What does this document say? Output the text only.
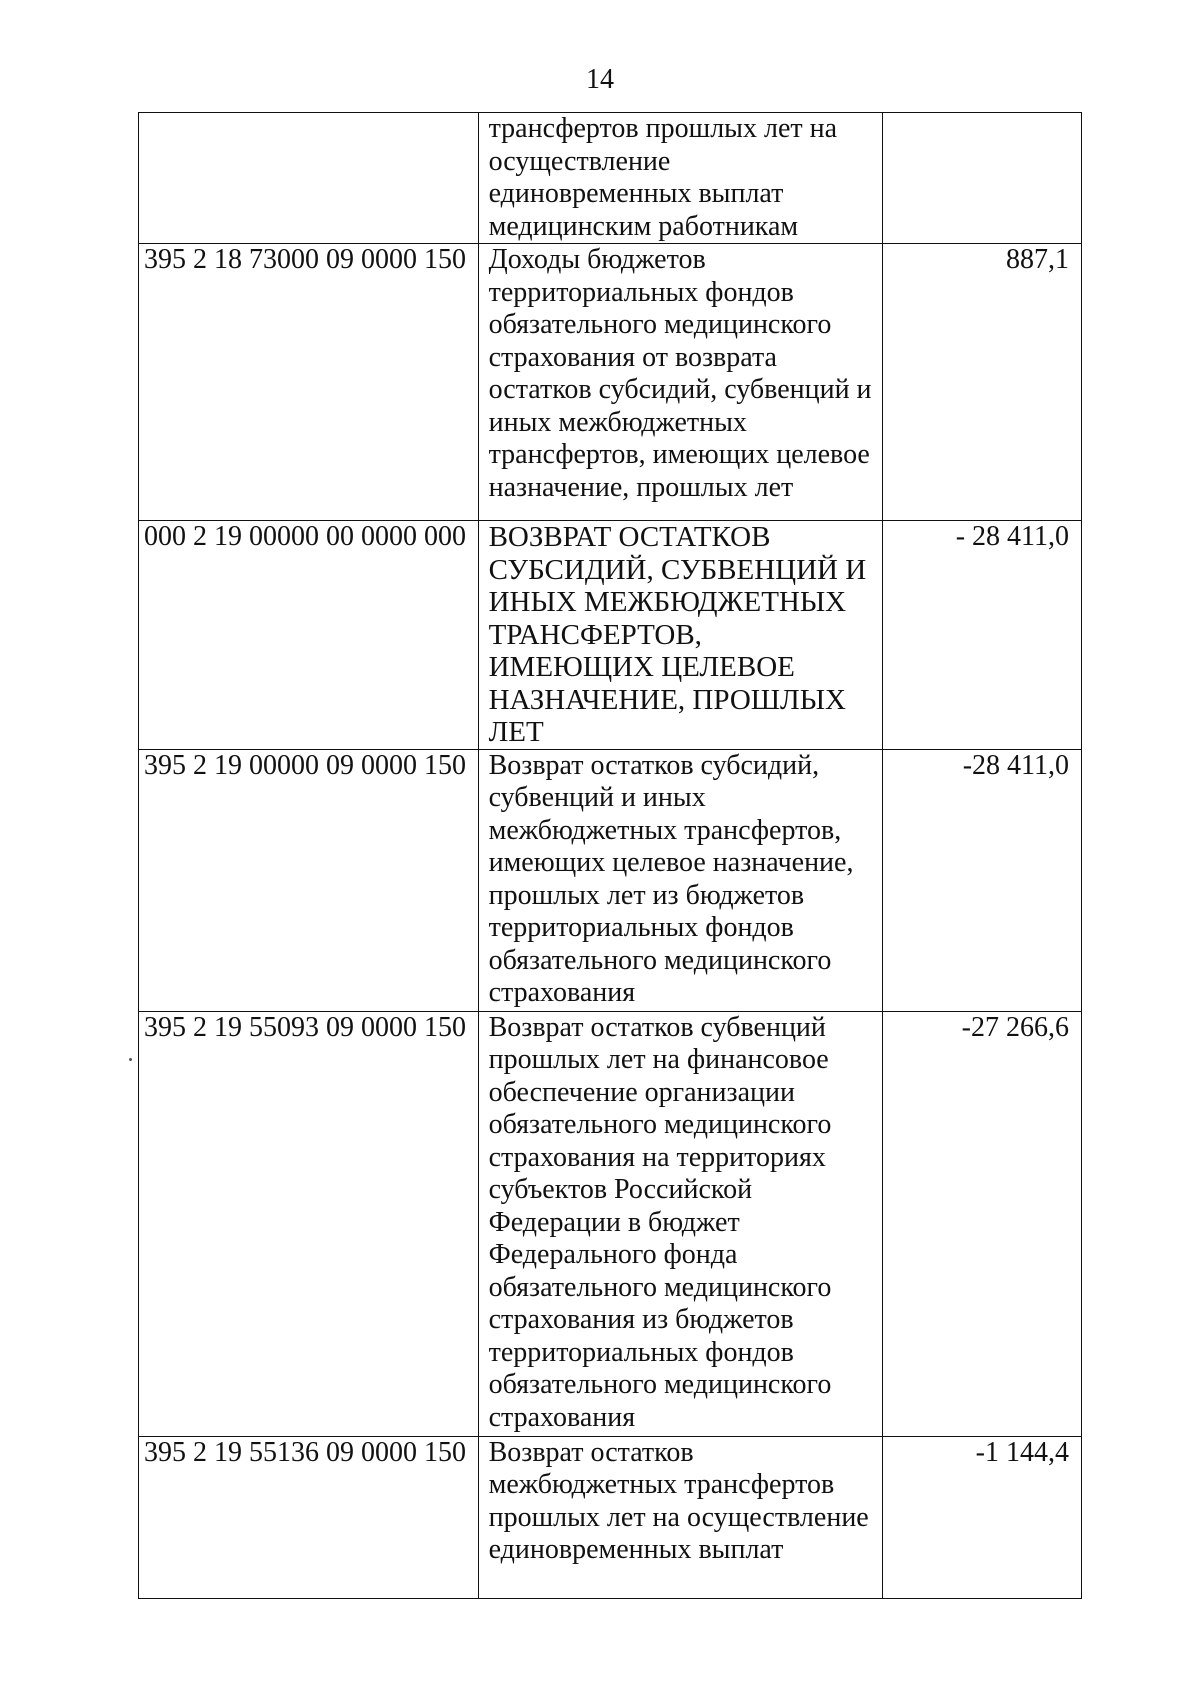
14
	трансфертов прошлых лет на осуществление единовременных выплат медицинским работникам	
395 2 18 73000 09 0000 150	Доходы бюджетов территориальных фондов обязательного медицинского страхования от возврата остатков субсидий, субвенций и иных межбюджетных трансфертов, имеющих целевое назначение, прошлых лет	887,1
000 2 19 00000 00 0000 000	ВОЗВРАТ ОСТАТКОВ СУБСИДИЙ, СУБВЕНЦИЙ И ИНЫХ МЕЖБЮДЖЕТНЫХ ТРАНСФЕРТОВ, ИМЕЮЩИХ ЦЕЛЕВОЕ НАЗНАЧЕНИЕ, ПРОШЛЫХ ЛЕТ	- 28 411,0
395 2 19 00000 09 0000 150	Возврат остатков субсидий, субвенций и иных межбюджетных трансфертов, имеющих целевое назначение, прошлых лет из бюджетов территориальных фондов обязательного медицинского страхования	-28 411,0
395 2 19 55093 09 0000 150	Возврат остатков субвенций прошлых лет на финансовое обеспечение организации обязательного медицинского страхования на территориях субъектов Российской Федерации в бюджет Федерального фонда обязательного медицинского страхования из бюджетов территориальных фондов обязательного медицинского страхования	-27 266,6
395 2 19 55136 09 0000 150	Возврат остатков межбюджетных трансфертов прошлых лет на осуществление единовременных выплат	-1 144,4
